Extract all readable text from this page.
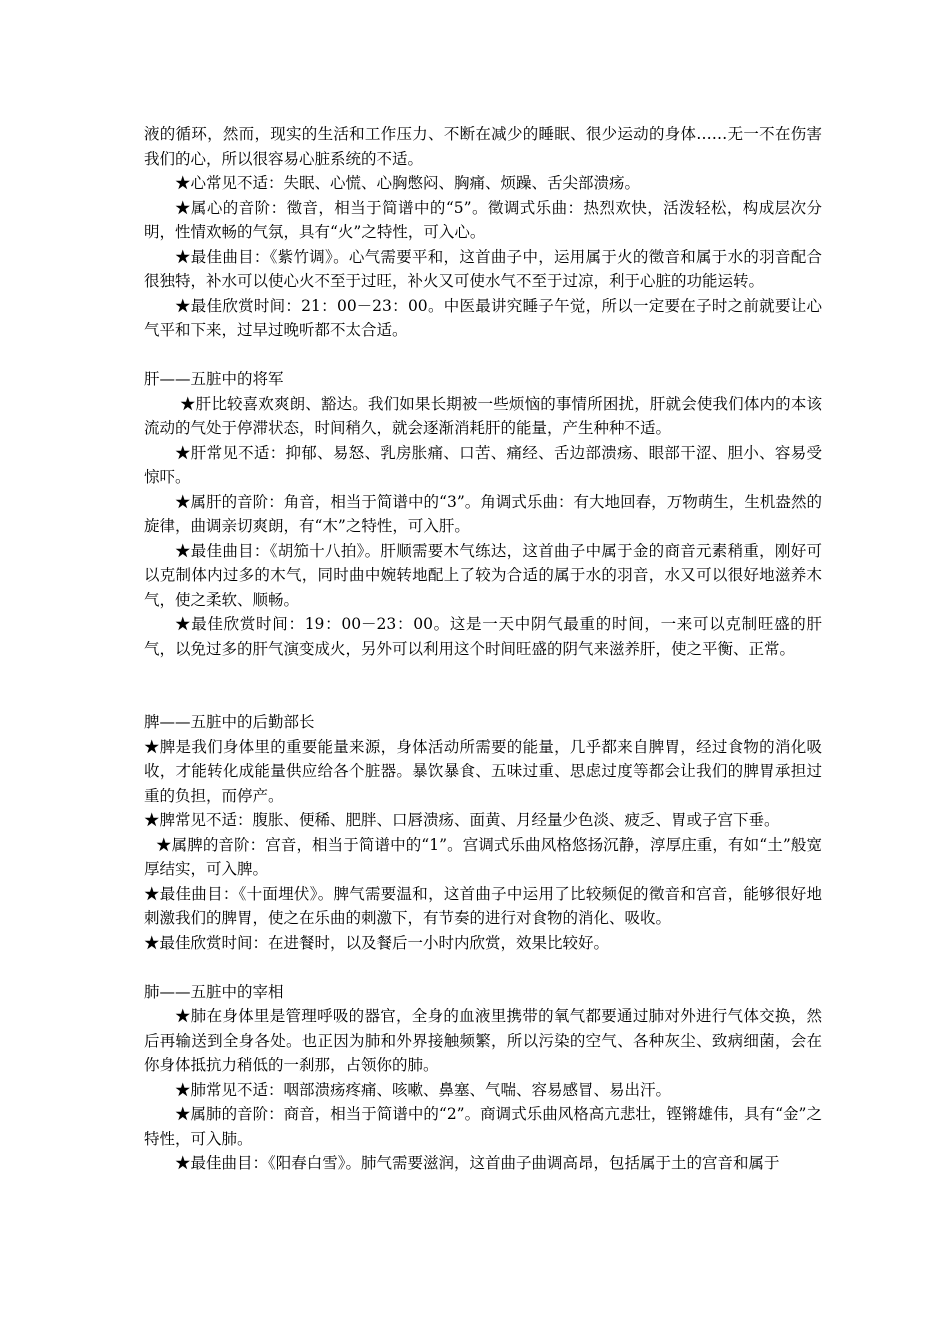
液的循环，然而，现实的生活和工作压力、不断在减少的睡眠、很少运动的身体……无一不在伤害我们的心，所以很容易心脏系统的不适。

★心常见不适：失眠、心慌、心胸憋闷、胸痛、烦躁、舌尖部溃疡。

★属心的音阶：徵音，相当于简谱中的“5”。徵调式乐曲：热烈欢快，活泼轻松，构成层次分明，性情欢畅的气氛，具有“火”之特性，可入心。

★最佳曲目：《紫竹调》。心气需要平和，这首曲子中，运用属于火的徵音和属于水的羽音配合很独特，补水可以使心火不至于过旺，补火又可使水气不至于过凉，利于心脏的功能运转。

★最佳欣赏时间：21：00－23：00。中医最讲究睡子午觉，所以一定要在子时之前就要让心气平和下来，过早过晚听都不太合适。

肝——五脏中的将军

★肝比较喜欢爽朗、豁达。我们如果长期被一些烦恼的事情所困扰，肝就会使我们体内的本该流动的气处于停滞状态，时间稍久，就会逐渐消耗肝的能量，产生种种不适。

★肝常见不适：抑郁、易怒、乳房胀痛、口苦、痛经、舌边部溃疡、眼部干涩、胆小、容易受惊吓。

★属肝的音阶：角音，相当于简谱中的“3”。角调式乐曲：有大地回春，万物萌生，生机盎然的旋律，曲调亲切爽朗，有“木”之特性，可入肝。

★最佳曲目：《胡笳十八拍》。肝顺需要木气练达，这首曲子中属于金的商音元素稍重，刚好可以克制体内过多的木气，同时曲中婉转地配上了较为合适的属于水的羽音，水又可以很好地滋养木气，使之柔软、顺畅。

★最佳欣赏时间：19：00－23：00。这是一天中阴气最重的时间，一来可以克制旺盛的肝气，以免过多的肝气演变成火，另外可以利用这个时间旺盛的阴气来滋养肝，使之平衡、正常。

脾——五脏中的后勤部长

★脾是我们身体里的重要能量来源，身体活动所需要的能量，几乎都来自脾胃，经过食物的消化吸收，才能转化成能量供应给各个脏器。暴饮暴食、五味过重、思虑过度等都会让我们的脾胃承担过重的负担，而停产。

★脾常见不适：腹胀、便稀、肥胖、口唇溃疡、面黄、月经量少色淡、疲乏、胃或子宫下垂。

★属脾的音阶：宫音，相当于简谱中的“1”。宫调式乐曲风格悠扬沉静，淳厚庄重，有如“土”般宽厚结实，可入脾。

★最佳曲目：《十面埋伏》。脾气需要温和，这首曲子中运用了比较频促的徵音和宫音，能够很好地刺激我们的脾胃，使之在乐曲的刺激下，有节奏的进行对食物的消化、吸收。

★最佳欣赏时间：在进餐时，以及餐后一小时内欣赏，效果比较好。

肺——五脏中的宰相

★肺在身体里是管理呼吸的器官，全身的血液里携带的氧气都要通过肺对外进行气体交换，然后再输送到全身各处。也正因为肺和外界接触频繁，所以污染的空气、各种灰尘、致病细菌，会在你身体抵抗力稍低的一刹那，占领你的肺。

★肺常见不适：咽部溃疡疼痛、咳嗽、鼻塞、气喘、容易感冒、易出汗。

★属肺的音阶：商音，相当于简谱中的“2”。商调式乐曲风格高亢悲壮，铿锵雄伟，具有“金”之特性，可入肺。

★最佳曲目：《阳春白雪》。肺气需要滋润，这首曲子曲调高昂，包括属于土的宫音和属于
